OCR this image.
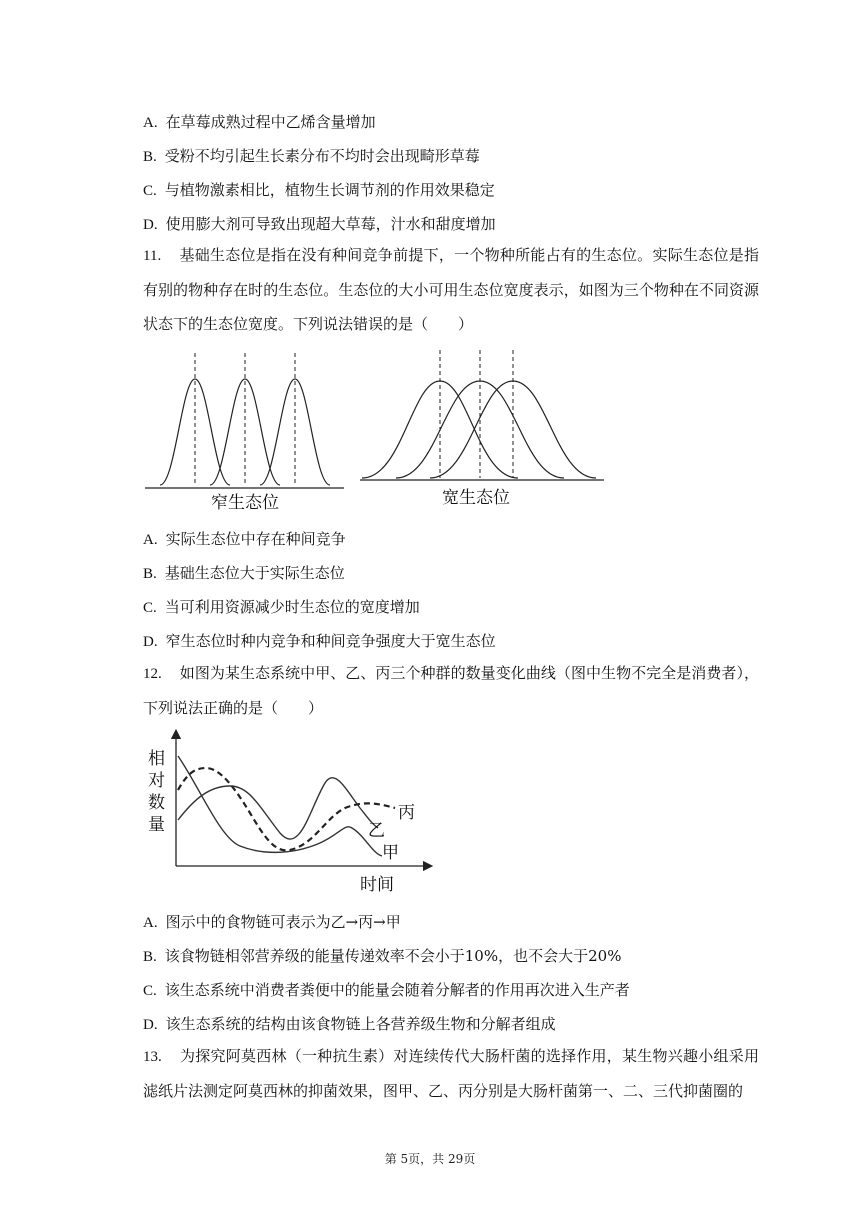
A. 在草莓成熟过程中乙烯含量增加
B. 受粉不均引起生长素分布不均时会出现畸形草莓
C. 与植物激素相比，植物生长调节剂的作用效果稳定
D. 使用膨大剂可导致出现超大草莓，汁水和甜度增加
11. 基础生态位是指在没有种间竞争前提下，一个物种所能占有的生态位。实际生态位是指有别的物种存在时的生态位。生态位的大小可用生态位宽度表示，如图为三个物种在不同资源状态下的生态位宽度。下列说法错误的是（　　）
窄生态位	宽生态位
A. 实际生态位中存在种间竞争
B. 基础生态位大于实际生态位
C. 当可利用资源减少时生态位的宽度增加
D. 窄生态位时种内竞争和种间竞争强度大于宽生态位
12. 如图为某生态系统中甲、乙、丙三个种群的数量变化曲线（图中生物不完全是消费者），下列说法正确的是（　　）
相
对
数
量
时间
丙
乙
甲
A. 图示中的食物链可表示为乙→丙→甲
B. 该食物链相邻营养级的能量传递效率不会小于10%，也不会大于20%
C. 该生态系统中消费者粪便中的能量会随着分解者的作用再次进入生产者
D. 该生态系统的结构由该食物链上各营养级生物和分解者组成
13. 为探究阿莫西林（一种抗生素）对连续传代大肠杆菌的选择作用，某生物兴趣小组采用滤纸片法测定阿莫西林的抑菌效果，图甲、乙、丙分别是大肠杆菌第一、二、三代抑菌圈的
第 5页，共 29页
